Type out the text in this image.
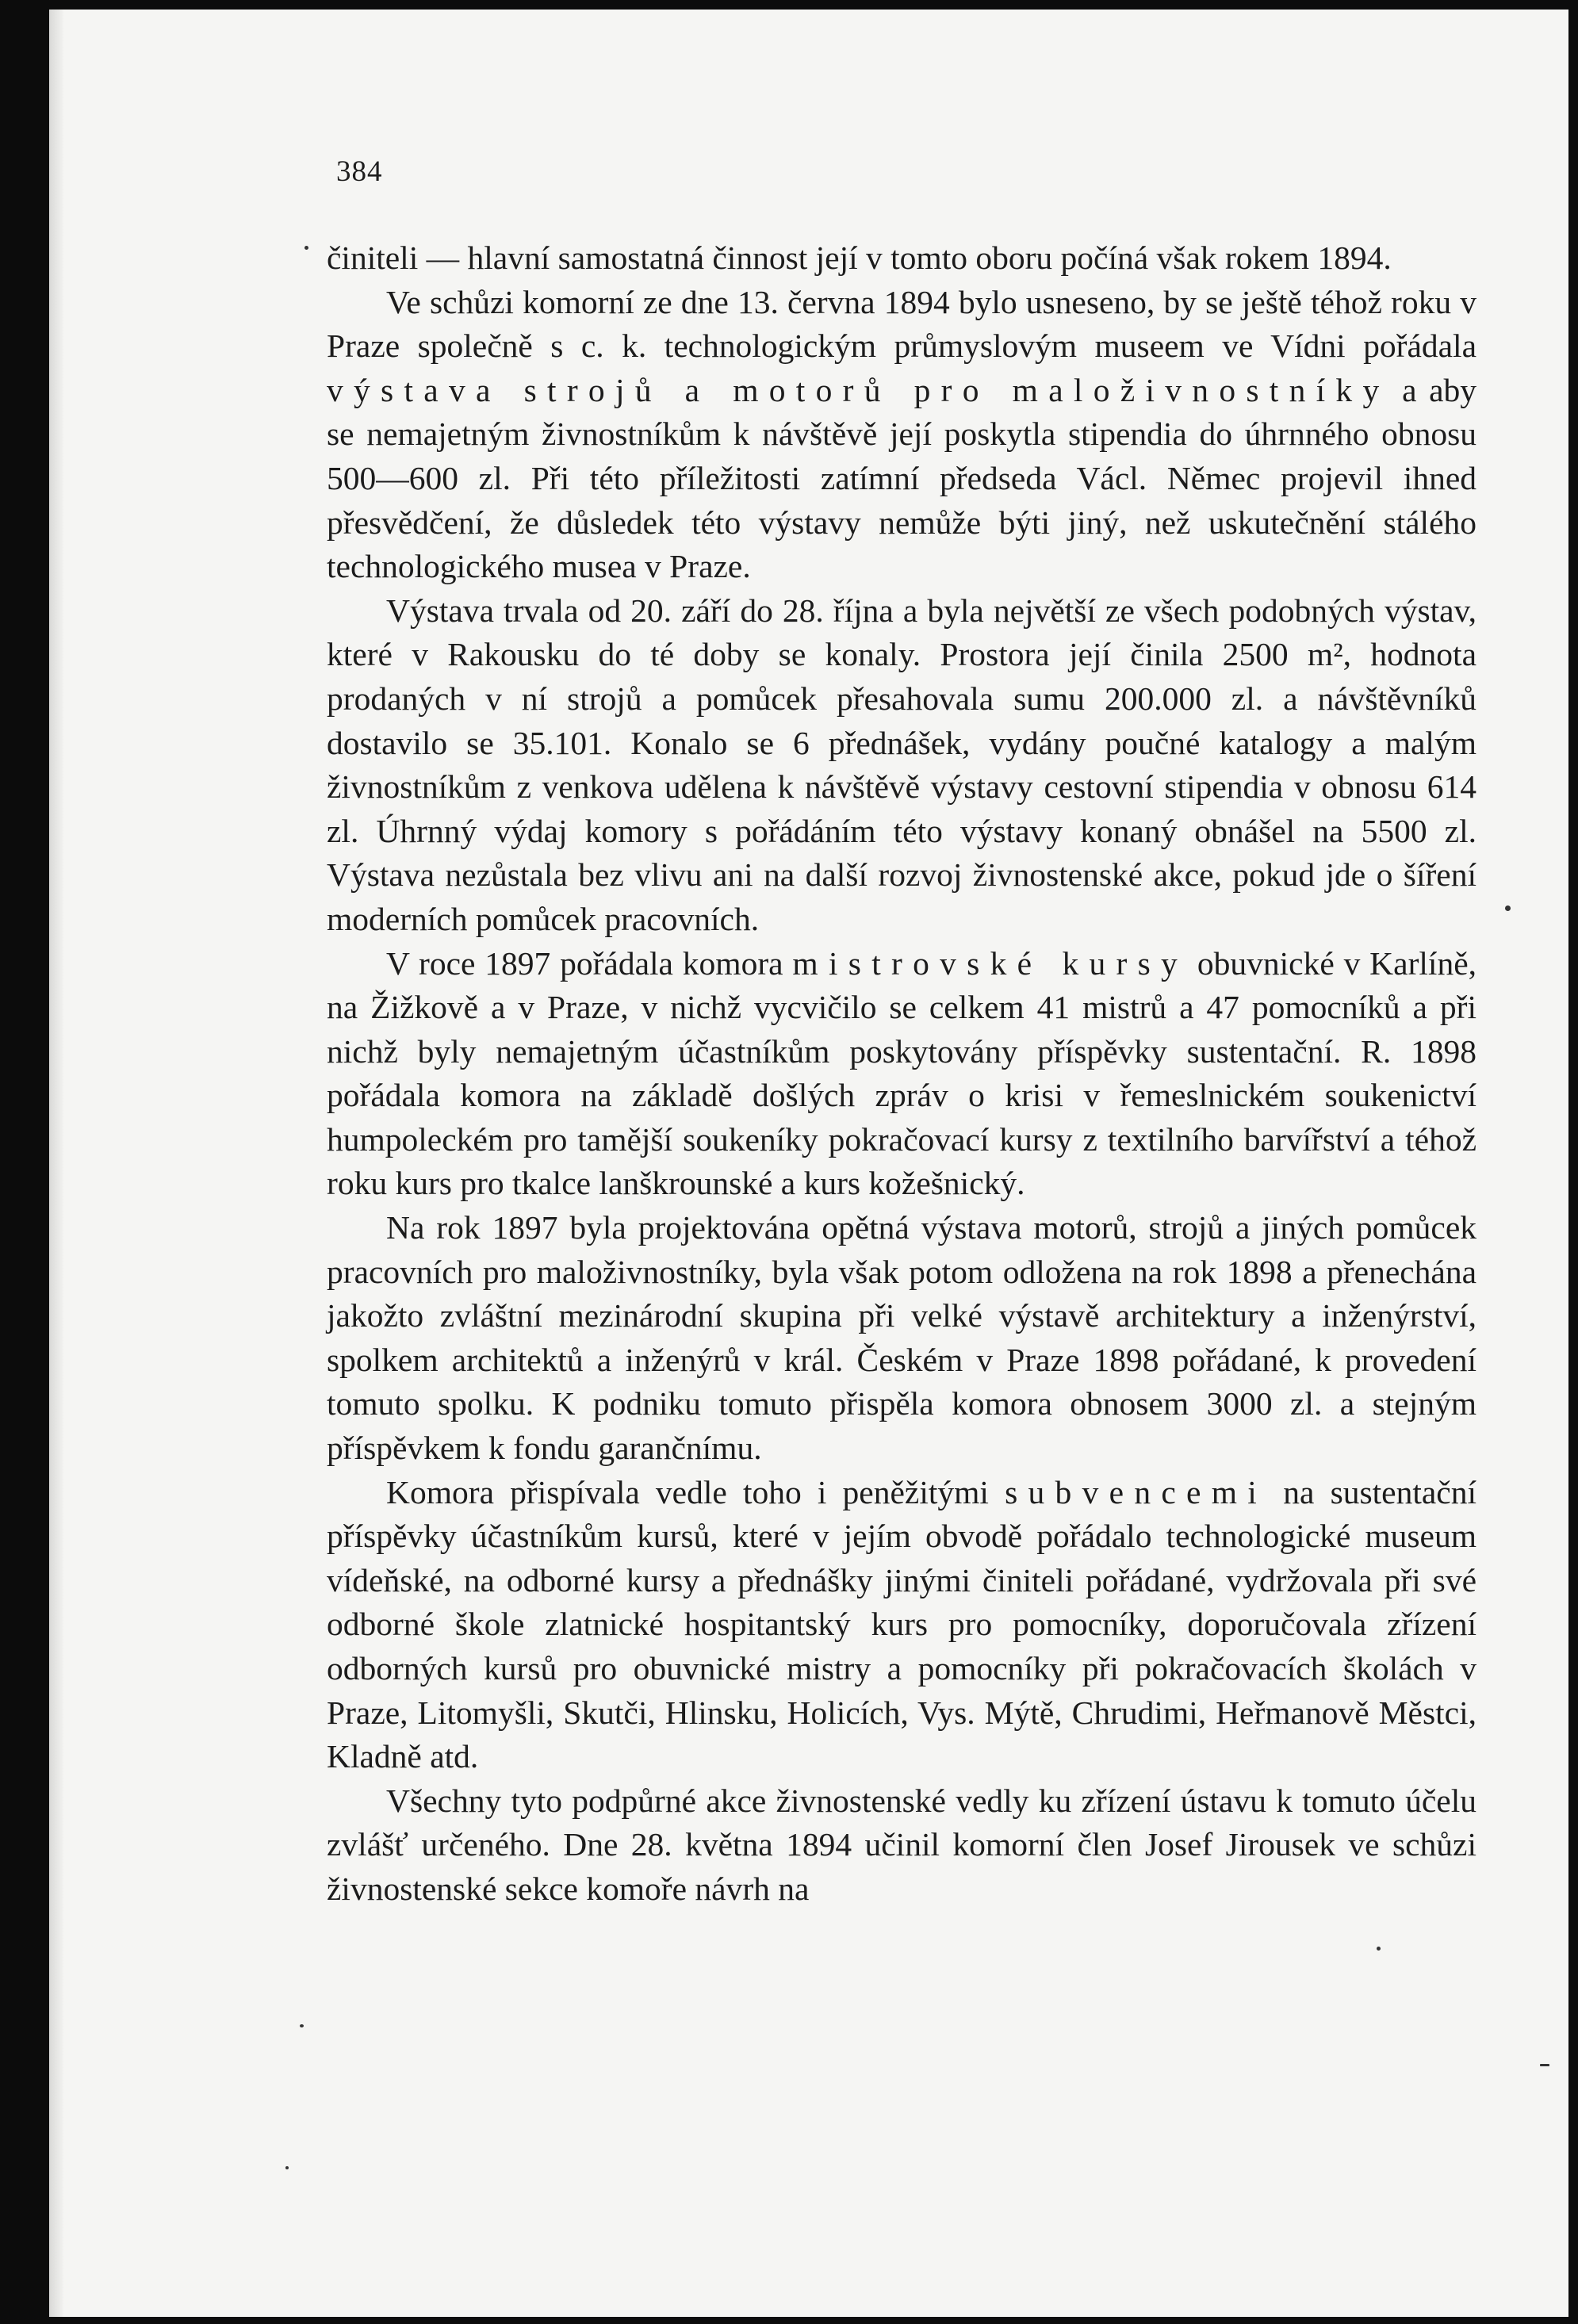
384

činiteli — hlavní samostatná činnost její v tomto oboru počíná však rokem 1894.

Ve schůzi komorní ze dne 13. června 1894 bylo usneseno, by se ještě téhož roku v Praze společně s c. k. technologickým průmyslovým museem ve Vídni pořádala výstava strojů a motorů pro maloživnostníky a aby se nemajetným živnostníkům k návštěvě její poskytla stipendia do úhrnného obnosu 500—600 zl. Při této příležitosti zatímní předseda Václ. Němec projevil ihned přesvědčení, že důsledek této výstavy nemůže býti jiný, než uskutečnění stálého technologického musea v Praze.

Výstava trvala od 20. září do 28. října a byla největší ze všech podobných výstav, které v Rakousku do té doby se konaly. Prostora její činila 2500 m², hodnota prodaných v ní strojů a pomůcek přesahovala sumu 200.000 zl. a návštěvníků dostavilo se 35.101. Konalo se 6 přednášek, vydány poučné katalogy a malým živnostníkům z venkova udělena k návštěvě výstavy cestovní stipendia v obnosu 614 zl. Úhrnný výdaj komory s pořádáním této výstavy konaný obnášel na 5500 zl. Výstava nezůstala bez vlivu ani na další rozvoj živnostenské akce, pokud jde o šíření moderních pomůcek pracovních.

V roce 1897 pořádala komora mistrovské kursy obuvnické v Karlíně, na Žižkově a v Praze, v nichž vycvičilo se celkem 41 mistrů a 47 pomocníků a při nichž byly nemajetným účastníkům poskytovány příspěvky sustentační. R. 1898 pořádala komora na základě došlých zpráv o krisi v řemeslnickém soukenictví humpoleckém pro tamější soukeníky pokračovací kursy z textilního barvířství a téhož roku kurs pro tkalce lanškrounské a kurs kožešnický.

Na rok 1897 byla projektována opětná výstava motorů, strojů a jiných pomůcek pracovních pro maloživnostníky, byla však potom odložena na rok 1898 a přenechána jakožto zvláštní mezinárodní skupina při velké výstavě architektury a inženýrství, spolkem architektů a inženýrů v král. Českém v Praze 1898 pořádané, k provedení tomuto spolku. K podniku tomuto přispěla komora obnosem 3000 zl. a stejným příspěvkem k fondu garančnímu.

Komora přispívala vedle toho i peněžitými subvencemi na sustentační příspěvky účastníkům kursů, které v jejím obvodě pořádalo technologické museum vídeňské, na odborné kursy a přednášky jinými činiteli pořádané, vydržovala při své odborné škole zlatnické hospitantský kurs pro pomocníky, doporučovala zřízení odborných kursů pro obuvnické mistry a pomocníky při pokračovacích školách v Praze, Litomyšli, Skutči, Hlinsku, Holicích, Vys. Mýtě, Chrudimi, Heřmanově Městci, Kladně atd.

Všechny tyto podpůrné akce živnostenské vedly ku zřízení ústavu k tomuto účelu zvlášť určeného. Dne 28. května 1894 učinil komorní člen Josef Jirousek ve schůzi živnostenské sekce komoře návrh na
